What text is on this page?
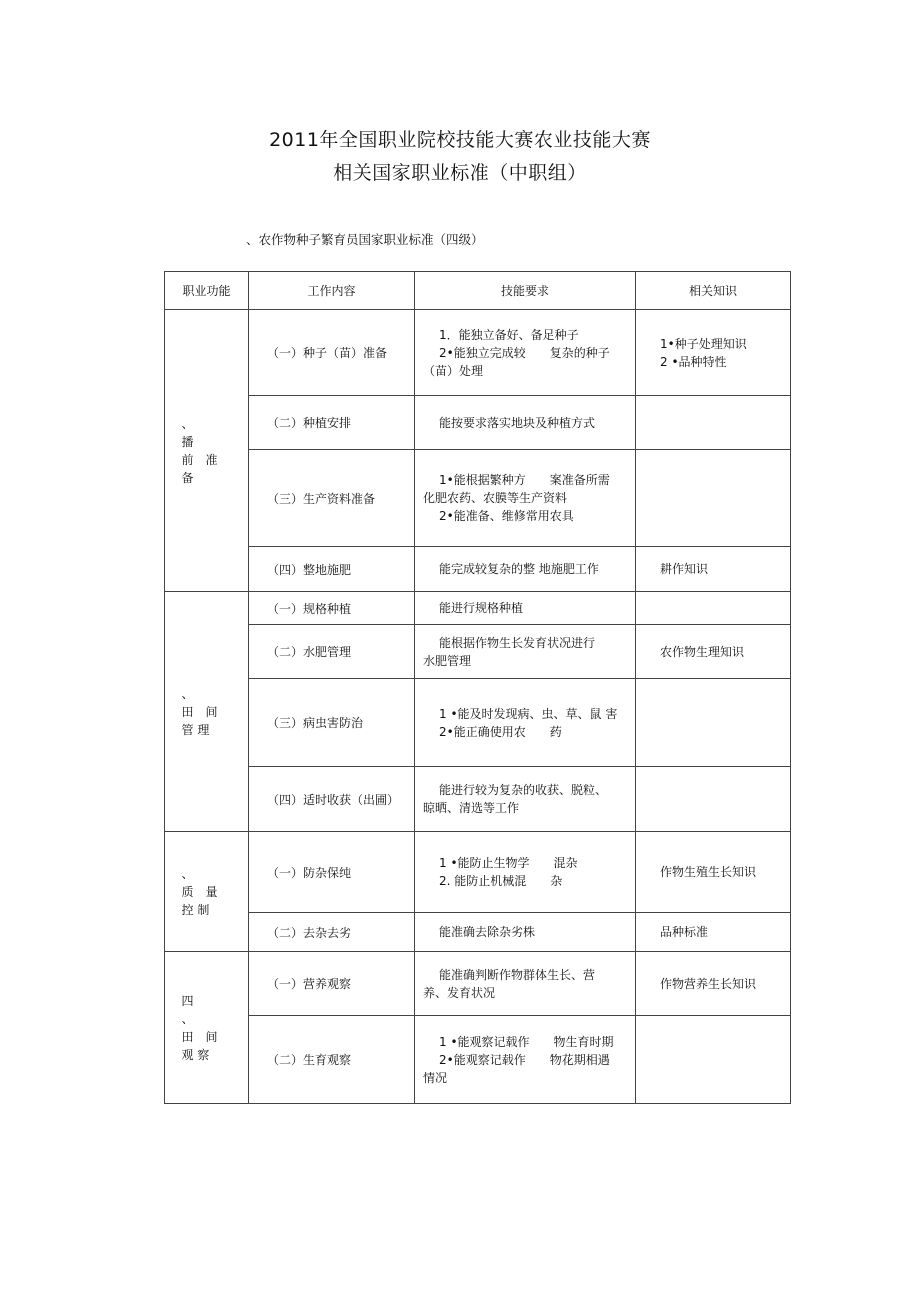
2011年全国职业院校技能大赛农业技能大赛
相关国家职业标准（中职组）

、农作物种子繁育员国家职业标准（四级）

职业功能	工作内容	技能要求	相关知识
、
播
前　准
备	（一）种子（苗）准备	1．能独立备好、备足种子
2•能独立完成较　　复杂的种子
（苗）处理	1•种子处理知识
2 •品种特性

	（二）种植安排	能按要求落实地块及种植方式	

	（三）生产资料准备	1•能根据繁种方　　案准备所需
化肥农药、农膜等生产资料
2•能准备、维修常用农具	

	（四）整地施肥	能完成较复杂的整 地施肥工作	耕作知识

、
田　间
管 理	（一）规格种植	能进行规格种植	

	（二）水肥管理	能根据作物生长发育状况进行
水肥管理	农作物生理知识

	（三）病虫害防治	1 •能及时发现病、虫、草、鼠 害
2•能正确使用农　　药	

	（四）适时收获（出圃）	能进行较为复杂的收获、脱粒、
晾晒、清选等工作	

、
质　量
控 制	（一）防杂保纯	1 •能防止生物学　　混杂
2. 能防止机械混　　杂	作物生殖生长知识

	（二）去杂去劣	能准确去除杂劣株	品种标准

四
、
田　间
观 察	（一）营养观察	能准确判断作物群体生长、营
养、发育状况	作物营养生长知识

	（二）生育观察	1 •能观察记载作　　物生育时期
2•能观察记载作　　物花期相遇
情况	
